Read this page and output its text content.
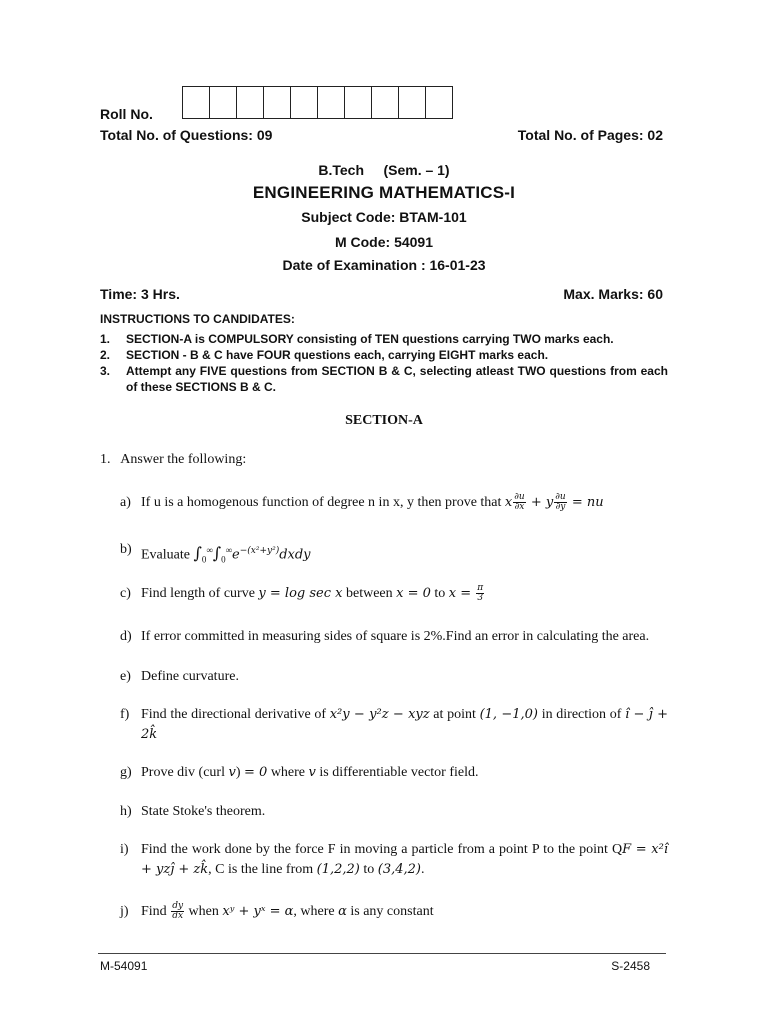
Roll No.
Total No. of Questions: 09	Total No. of Pages: 02
B.Tech     (Sem. – 1)
ENGINEERING MATHEMATICS-I
Subject Code: BTAM-101
M Code: 54091
Date of Examination : 16-01-23
Time: 3 Hrs.	Max. Marks: 60
INSTRUCTIONS TO CANDIDATES:
1.	SECTION-A is COMPULSORY consisting of TEN questions carrying TWO marks each.
2.	SECTION - B & C have FOUR questions each, carrying EIGHT marks each.
3.	Attempt any FIVE questions from SECTION B & C, selecting atleast TWO questions from each of these SECTIONS B & C.
SECTION-A
1.   Answer the following:
a) If u is a homogenous function of degree n in x, y then prove that x $\frac{\partial u}{\partial x} + y \frac{\partial u}{\partial y}$ = nu
b) Evaluate $\int_0^\infty\int_0^\infty e^{-(x^2+y^2)}dxdy$
c) Find length of curve y = log sec x between x = 0 to $x = \frac{\pi}{3}$
d) If error committed in measuring sides of square is 2%.Find an error in calculating the area.
e) Define curvature.
f) Find the directional derivative of x²y − y²z − xyz at point (1, −1,0) in direction of î − ĵ + 2k̂
g) Prove div (curl v) = 0 where v is differentiable vector field.
h) State Stoke's theorem.
i) Find the work done by the force F in moving a particle from a point P to the point QF = x²î + yzĵ + zk̂, C is the line from (1,2,2) to (3,4,2).
j) Find $\frac{dy}{dx}$ when xʸ + yˣ = α, where α is any constant
M-54091	S-2458
